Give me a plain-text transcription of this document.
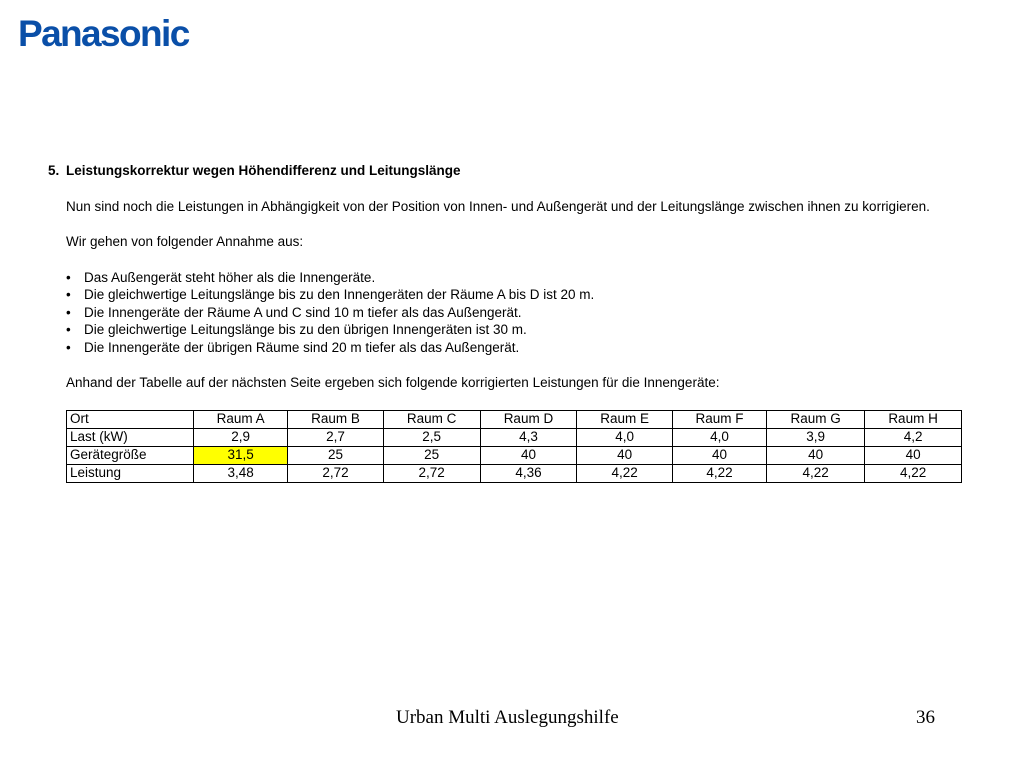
Panasonic
5. Leistungskorrektur wegen Höhendifferenz und Leitungslänge
Nun sind noch die Leistungen in Abhängigkeit von der Position von Innen- und Außengerät und der Leitungslänge zwischen ihnen zu korrigieren.
Wir gehen von folgender Annahme aus:
• Das Außengerät steht höher als die Innengeräte.
• Die gleichwertige Leitungslänge bis zu den Innengeräten der Räume A bis D ist 20 m.
• Die Innengeräte der Räume A und C sind 10 m tiefer als das Außengerät.
• Die gleichwertige Leitungslänge bis zu den übrigen Innengeräten ist 30 m.
• Die Innengeräte der übrigen Räume sind 20 m tiefer als das Außengerät.
Anhand der Tabelle auf der nächsten Seite ergeben sich folgende korrigierten Leistungen für die Innengeräte:
Ort	Raum A	Raum B	Raum C	Raum D	Raum E	Raum F	Raum G	Raum H
Last (kW)	2,9	2,7	2,5	4,3	4,0	4,0	3,9	4,2
Gerätegröße	31,5	25	25	40	40	40	40	40
Leistung	3,48	2,72	2,72	4,36	4,22	4,22	4,22	4,22
Urban Multi Auslegungshilfe	36
